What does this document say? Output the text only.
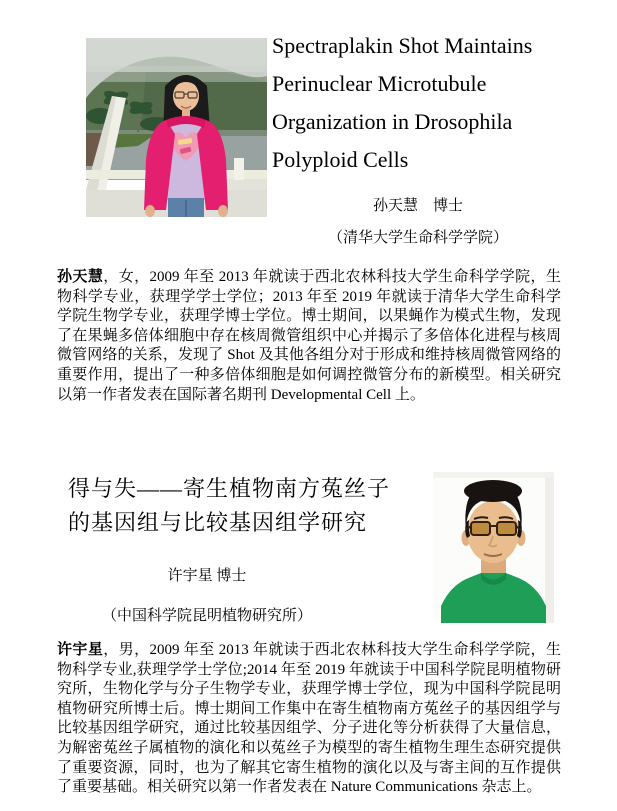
Spectraplakin Shot Maintains
Perinuclear Microtubule
Organization in Drosophila
Polyploid Cells
孙天慧　博士
（清华大学生命科学学院）
孙天慧，女，2009 年至 2013 年就读于西北农林科技大学生命科学学院，生物科学专业，获理学学士学位；2013 年至 2019 年就读于清华大学生命科学学院生物学专业，获理学博士学位。博士期间，以果蝇作为模式生物，发现了在果蝇多倍体细胞中存在核周微管组织中心并揭示了多倍体化进程与核周微管网络的关系，发现了 Shot 及其他各组分对于形成和维持核周微管网络的重要作用，提出了一种多倍体细胞是如何调控微管分布的新模型。相关研究以第一作者发表在国际著名期刊 Developmental Cell 上。
得与失——寄生植物南方菟丝子
的基因组与比较基因组学研究
许宇星 博士
（中国科学院昆明植物研究所）
许宇星，男，2009 年至 2013 年就读于西北农林科技大学生命科学学院，生物科学专业,获理学学士学位;2014 年至 2019 年就读于中国科学院昆明植物研究所，生物化学与分子生物学专业，获理学博士学位，现为中国科学院昆明植物研究所博士后。博士期间工作集中在寄生植物南方菟丝子的基因组学与比较基因组学研究，通过比较基因组学、分子进化等分析获得了大量信息，为解密菟丝子属植物的演化和以菟丝子为模型的寄生植物生理生态研究提供了重要资源，同时，也为了解其它寄生植物的演化以及与寄主间的互作提供了重要基础。相关研究以第一作者发表在 Nature Communications 杂志上。
